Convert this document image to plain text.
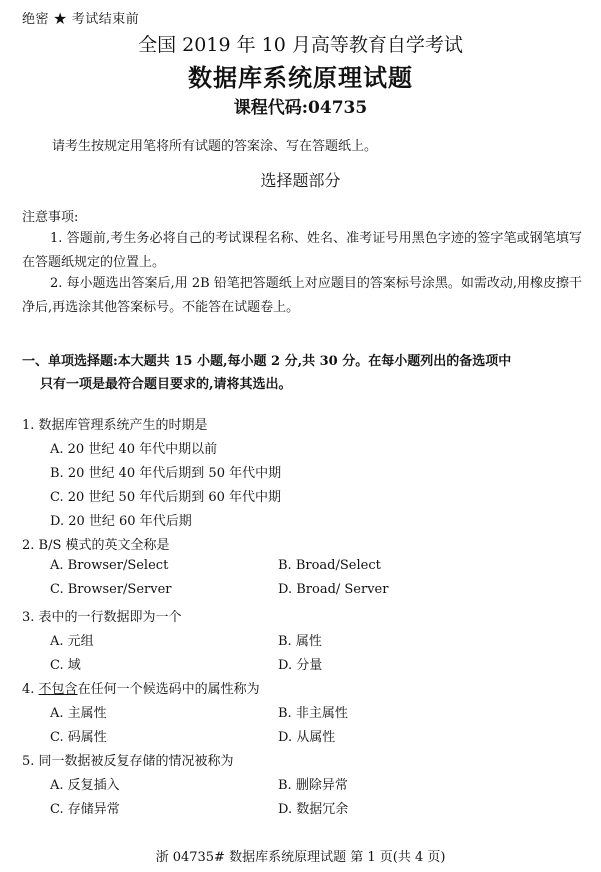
绝密 ★ 考试结束前
全国 2019 年 10 月高等教育自学考试
数据库系统原理试题
课程代码:04735
请考生按规定用笔将所有试题的答案涂、写在答题纸上。
选择题部分
注意事项:
1. 答题前,考生务必将自己的考试课程名称、姓名、准考证号用黑色字迹的签字笔或钢笔填写在答题纸规定的位置上。
2. 每小题选出答案后,用 2B 铅笔把答题纸上对应题目的答案标号涂黑。如需改动,用橡皮擦干净后,再选涂其他答案标号。不能答在试题卷上。
一、单项选择题:本大题共 15 小题,每小题 2 分,共 30 分。在每小题列出的备选项中
只有一项是最符合题目要求的,请将其选出。
1. 数据库管理系统产生的时期是
A. 20 世纪 40 年代中期以前
B. 20 世纪 40 年代后期到 50 年代中期
C. 20 世纪 50 年代后期到 60 年代中期
D. 20 世纪 60 年代后期
2. B/S 模式的英文全称是
A. Browser/Select	B. Broad/Select
C. Browser/Server	D. Broad/ Server
3. 表中的一行数据即为一个
A. 元组	B. 属性
C. 域	D. 分量
4. 不包含在任何一个候选码中的属性称为
A. 主属性	B. 非主属性
C. 码属性	D. 从属性
5. 同一数据被反复存储的情况被称为
A. 反复插入	B. 删除异常
C. 存储异常	D. 数据冗余
浙 04735# 数据库系统原理试题 第 1 页(共 4 页)
